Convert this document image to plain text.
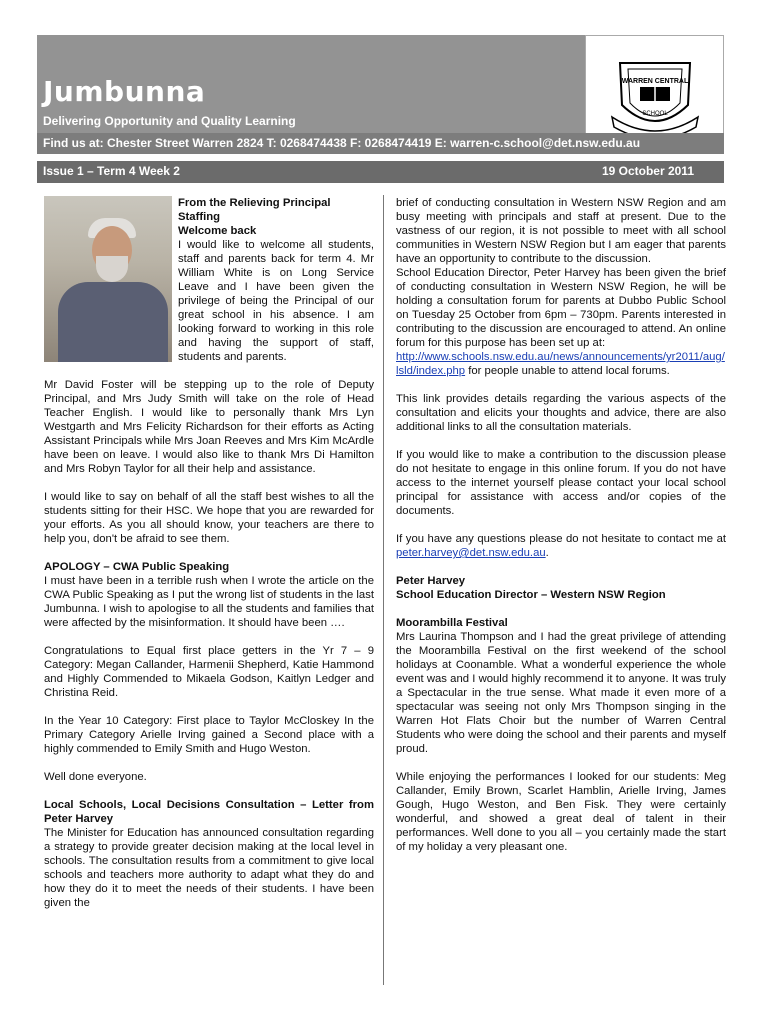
Jumbunna
Delivering Opportunity and Quality Learning
WARREN CENTRAL
SCHOOL
Find us at: Chester Street Warren 2824 T: 0268474438 F: 0268474419 E: warren-c.school@det.nsw.edu.au
Issue 1 – Term 4 Week 2	19 October 2011
From the Relieving Principal
Staffing
Welcome back

I would like to welcome all students, staff and parents back for term 4. Mr William White is on Long Service Leave and I have been given the privilege of being the Principal of our great school in his absence. I am looking forward to working in this role and having the support of staff, students and parents.

Mr David Foster will be stepping up to the role of Deputy Principal, and Mrs Judy Smith will take on the role of Head Teacher English. I would like to personally thank Mrs Lyn Westgarth and Mrs Felicity Richardson for their efforts as Acting Assistant Principals while Mrs Joan Reeves and Mrs Kim McArdle have been on leave. I would also like to thank Mrs Di Hamilton and Mrs Robyn Taylor for all their help and assistance.

I would like to say on behalf of all the staff best wishes to all the students sitting for their HSC. We hope that you are rewarded for your efforts. As you all should know, your teachers are there to help you, don't be afraid to see them.

APOLOGY – CWA Public Speaking

I must have been in a terrible rush when I wrote the article on the CWA Public Speaking as I put the wrong list of students in the last Jumbunna. I wish to apologise to all the students and families that were affected by the misinformation. It should have been ….

Congratulations to Equal first place getters in the Yr 7 – 9 Category: Megan Callander, Harmenii Shepherd, Katie Hammond and Highly Commended to Mikaela Godson, Kaitlyn Ledger and Christina Reid.

In the Year 10 Category: First place to Taylor McCloskey In the Primary Category Arielle Irving gained a Second place with a highly commended to Emily Smith and Hugo Weston.

Well done everyone.

Local Schools, Local Decisions Consultation – Letter from Peter Harvey

The Minister for Education has announced consultation regarding a strategy to provide greater decision making at the local level in schools. The consultation results from a commitment to give local schools and teachers more authority to adapt what they do and how they do it to meet the needs of their students. I have been given the

brief of conducting consultation in Western NSW Region and am busy meeting with principals and staff at present. Due to the vastness of our region, it is not possible to meet with all school communities in Western NSW Region but I am eager that parents have an opportunity to contribute to the discussion.

School Education Director, Peter Harvey has been given the brief of conducting consultation in Western NSW Region, he will be holding a consultation forum for parents at Dubbo Public School on Tuesday 25 October from 6pm – 730pm. Parents interested in contributing to the discussion are encouraged to attend. An online forum for this purpose has been set up at:

http://www.schools.nsw.edu.au/news/announcements/yr2011/aug/lsld/index.php for people unable to attend local forums.

This link provides details regarding the various aspects of the consultation and elicits your thoughts and advice, there are also additional links to all the consultation materials.

If you would like to make a contribution to the discussion please do not hesitate to engage in this online forum. If you do not have access to the internet yourself please contact your local school principal for assistance with access and/or copies of the documents.

If you have any questions please do not hesitate to contact me at peter.harvey@det.nsw.edu.au.

Peter Harvey

School Education Director – Western NSW Region

Moorambilla Festival

Mrs Laurina Thompson and I had the great privilege of attending the Moorambilla Festival on the first weekend of the school holidays at Coonamble. What a wonderful experience the whole event was and I would highly recommend it to anyone. It was truly a Spectacular in the true sense. What made it even more of a spectacular was seeing not only Mrs Thompson singing in the Warren Hot Flats Choir but the number of Warren Central Students who were doing the school and their parents and myself proud.

While enjoying the performances I looked for our students: Meg Callander, Emily Brown, Scarlet Hamblin, Arielle Irving, James Gough, Hugo Weston, and Ben Fisk. They were certainly wonderful, and showed a great deal of talent in their performances. Well done to you all – you certainly made the start of my holiday a very pleasant one.
